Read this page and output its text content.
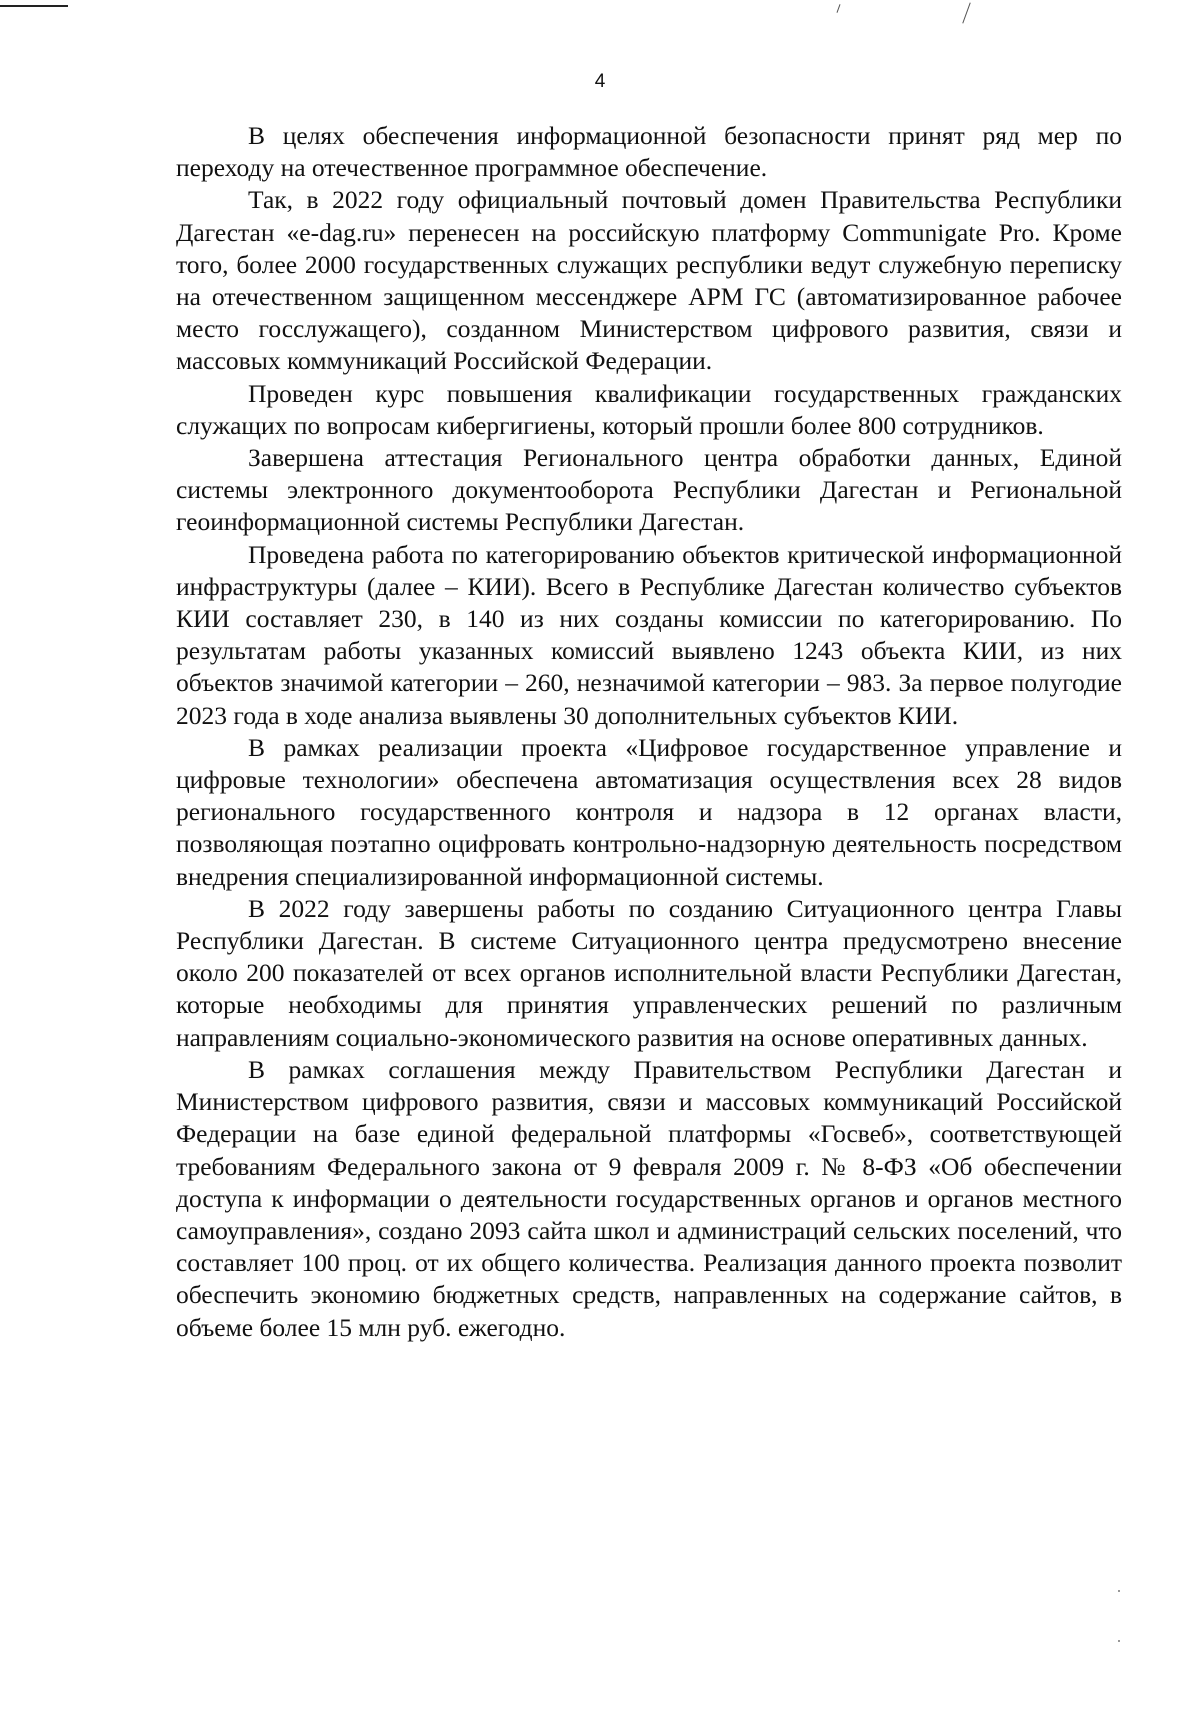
4

В целях обеспечения информационной безопасности принят ряд мер по переходу на отечественное программное обеспечение.

Так, в 2022 году официальный почтовый домен Правительства Республики Дагестан «e-dag.ru» перенесен на российскую платформу Communigate Pro. Кроме того, более 2000 государственных служащих республики ведут служебную переписку на отечественном защищенном мессенджере АРМ ГС (автоматизированное рабочее место госслужащего), созданном Министерством цифрового развития, связи и массовых коммуникаций Российской Федерации.

Проведен курс повышения квалификации государственных гражданских служащих по вопросам кибергигиены, который прошли более 800 сотрудников.

Завершена аттестация Регионального центра обработки данных, Единой системы электронного документооборота Республики Дагестан и Региональной геоинформационной системы Республики Дагестан.

Проведена работа по категорированию объектов критической информационной инфраструктуры (далее – КИИ). Всего в Республике Дагестан количество субъектов КИИ составляет 230, в 140 из них созданы комиссии по категорированию. По результатам работы указанных комиссий выявлено 1243 объекта КИИ, из них объектов значимой категории – 260, незначимой категории – 983. За первое полугодие 2023 года в ходе анализа выявлены 30 дополнительных субъектов КИИ.

В рамках реализации проекта «Цифровое государственное управление и цифровые технологии» обеспечена автоматизация осуществления всех 28 видов регионального государственного контроля и надзора в 12 органах власти, позволяющая поэтапно оцифровать контрольно-надзорную деятельность посредством внедрения специализированной информационной системы.

В 2022 году завершены работы по созданию Ситуационного центра Главы Республики Дагестан. В системе Ситуационного центра предусмотрено внесение около 200 показателей от всех органов исполнительной власти Республики Дагестан, которые необходимы для принятия управленческих решений по различным направлениям социально-экономического развития на основе оперативных данных.

В рамках соглашения между Правительством Республики Дагестан и Министерством цифрового развития, связи и массовых коммуникаций Российской Федерации на базе единой федеральной платформы «Госвеб», соответствующей требованиям Федерального закона от 9 февраля 2009 г. № 8-ФЗ «Об обеспечении доступа к информации о деятельности государственных органов и органов местного самоуправления», создано 2093 сайта школ и администраций сельских поселений, что составляет 100 проц. от их общего количества. Реализация данного проекта позволит обеспечить экономию бюджетных средств, направленных на содержание сайтов, в объеме более 15 млн руб. ежегодно.
